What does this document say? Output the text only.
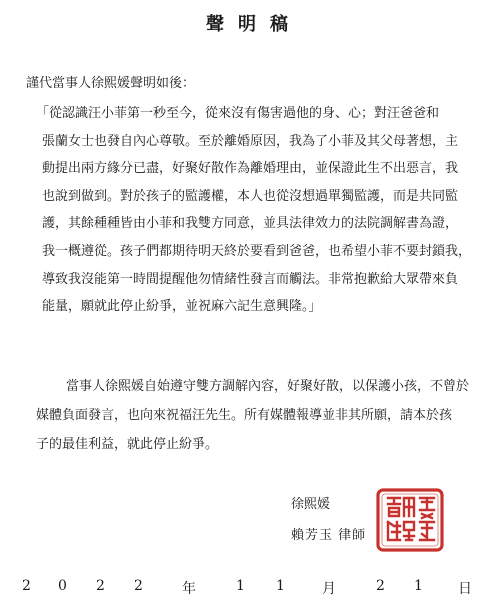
聲明稿
謹代當事人徐熙媛聲明如後：
「從認識汪小菲第一秒至今，從來沒有傷害過他的身、心；對汪爸爸和
張蘭女士也發自內心尊敬。至於離婚原因，我為了小菲及其父母著想，主
動提出兩方緣分已盡，好聚好散作為離婚理由，並保證此生不出惡言，我
也說到做到。對於孩子的監護權，本人也從沒想過單獨監護，而是共同監
護，其餘種種皆由小菲和我雙方同意，並具法律效力的法院調解書為證，
我一概遵從。孩子們都期待明天終於要看到爸爸，也希望小菲不要封鎖我，
導致我沒能第一時間提醒他勿情緒性發言而觸法。非常抱歉給大眾帶來負
能量，願就此停止紛爭，並祝麻六記生意興隆。」
當事人徐熙媛自始遵守雙方調解內容，好聚好散，以保護小孩，不曾於
媒體負面發言，也向來祝福汪先生。所有媒體報導並非其所願，請本於孩
子的最佳利益，就此停止紛爭。
徐熙媛
賴芳玉 律師
2 0 2 2	年	1 1	月	2 1	日
